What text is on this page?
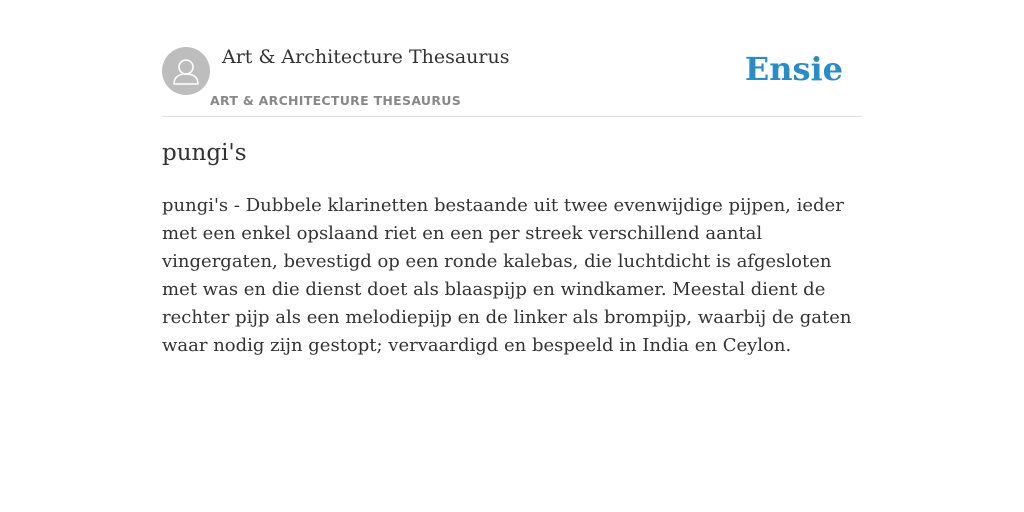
Art & Architecture Thesaurus
ART & ARCHITECTURE THESAURUS
Ensie
pungi's

pungi's - Dubbele klarinetten bestaande uit twee evenwijdige pijpen, ieder met een enkel opslaand riet en een per streek verschillend aantal vingergaten, bevestigd op een ronde kalebas, die luchtdicht is afgesloten met was en die dienst doet als blaaspijp en windkamer. Meestal dient de rechter pijp als een melodiepijp en de linker als brompijp, waarbij de gaten waar nodig zijn gestopt; vervaardigd en bespeeld in India en Ceylon.
